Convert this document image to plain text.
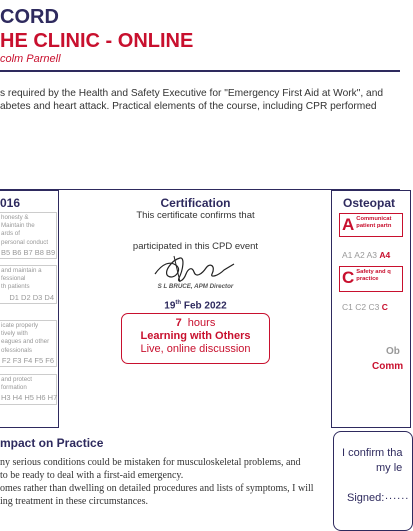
CORD
HE CLINIC - ONLINE
colm Parnell
s required by the Health and Safety Executive for "Emergency First Aid at Work", and
abetes and heart attack. Practical elements of the course, including CPR performed
016
honesty &
Maintain the
ards of
personal conduct
B5 B6 B7 B8 B9
and maintain a
fessional
th patients
D1 D2 D3 D4
icate properly
tively with
eagues and other
ofessionals
F2 F3 F4 F5 F6
and protect
formation
H3 H4 H5 H6 H7
Certification
This certificate confirms that
participated in this CPD event
S L BRUCE, APM Director
19th Feb 2022
7 hours
Learning with Others
Live, online discussion
Osteopat
A Communicat
patient partn
A1 A2 A3 A4
C Safety and q
practice
C1 C2 C3 C
Ob
Comm
mpact on Practice
ny serious conditions could be mistaken for musculoskeletal problems, and
to be ready to deal with a first-aid emergency.
omes rather than dwelling on detailed procedures and lists of symptoms, I will
ing treatment in these circumstances.
I confirm tha
my le
Signed: ......
